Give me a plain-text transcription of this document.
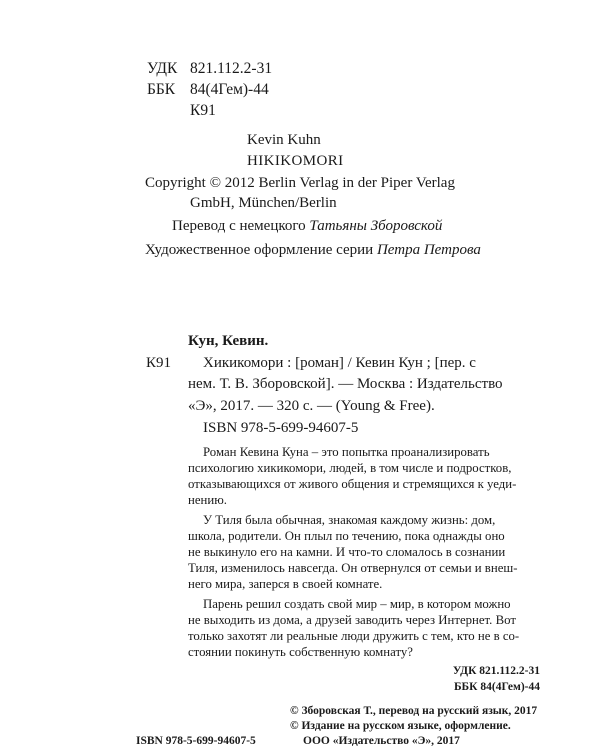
УДК 821.112.2-31
ББК 84(4Гем)-44
К91
Kevin Kuhn
HIKIKOMORI
Copyright © 2012 Berlin Verlag in der Piper Verlag
GmbH, München/Berlin
Перевод с немецкого Татьяны Зборовской
Художественное оформление серии Петра Петрова
Кун, Кевин.
К91 Хикикомори : [роман] / Кевин Кун ; [пер. с
нем. Т. В. Зборовской]. — Москва : Издательство
«Э», 2017. — 320 с. — (Young & Free).
ISBN 978-5-699-94607-5
Роман Кевина Куна – это попытка проанализировать
психологию хикикомори, людей, в том числе и подростков,
отказывающихся от живого общения и стремящихся к уеди-
нению.
У Тиля была обычная, знакомая каждому жизнь: дом,
школа, родители. Он плыл по течению, пока однажды оно
не выкинуло его на камни. И что-то сломалось в сознании
Тиля, изменилось навсегда. Он отвернулся от семьи и внеш-
него мира, заперся в своей комнате.
Парень решил создать свой мир – мир, в котором можно
не выходить из дома, а друзей заводить через Интернет. Вот
только захотят ли реальные люди дружить с тем, кто не в со-
стоянии покинуть собственную комнату?
УДК 821.112.2-31
ББК 84(4Гем)-44
© Зборовская Т., перевод на русский язык, 2017
© Издание на русском языке, оформление.
ISBN 978-5-699-94607-5	ООО «Издательство «Э», 2017
